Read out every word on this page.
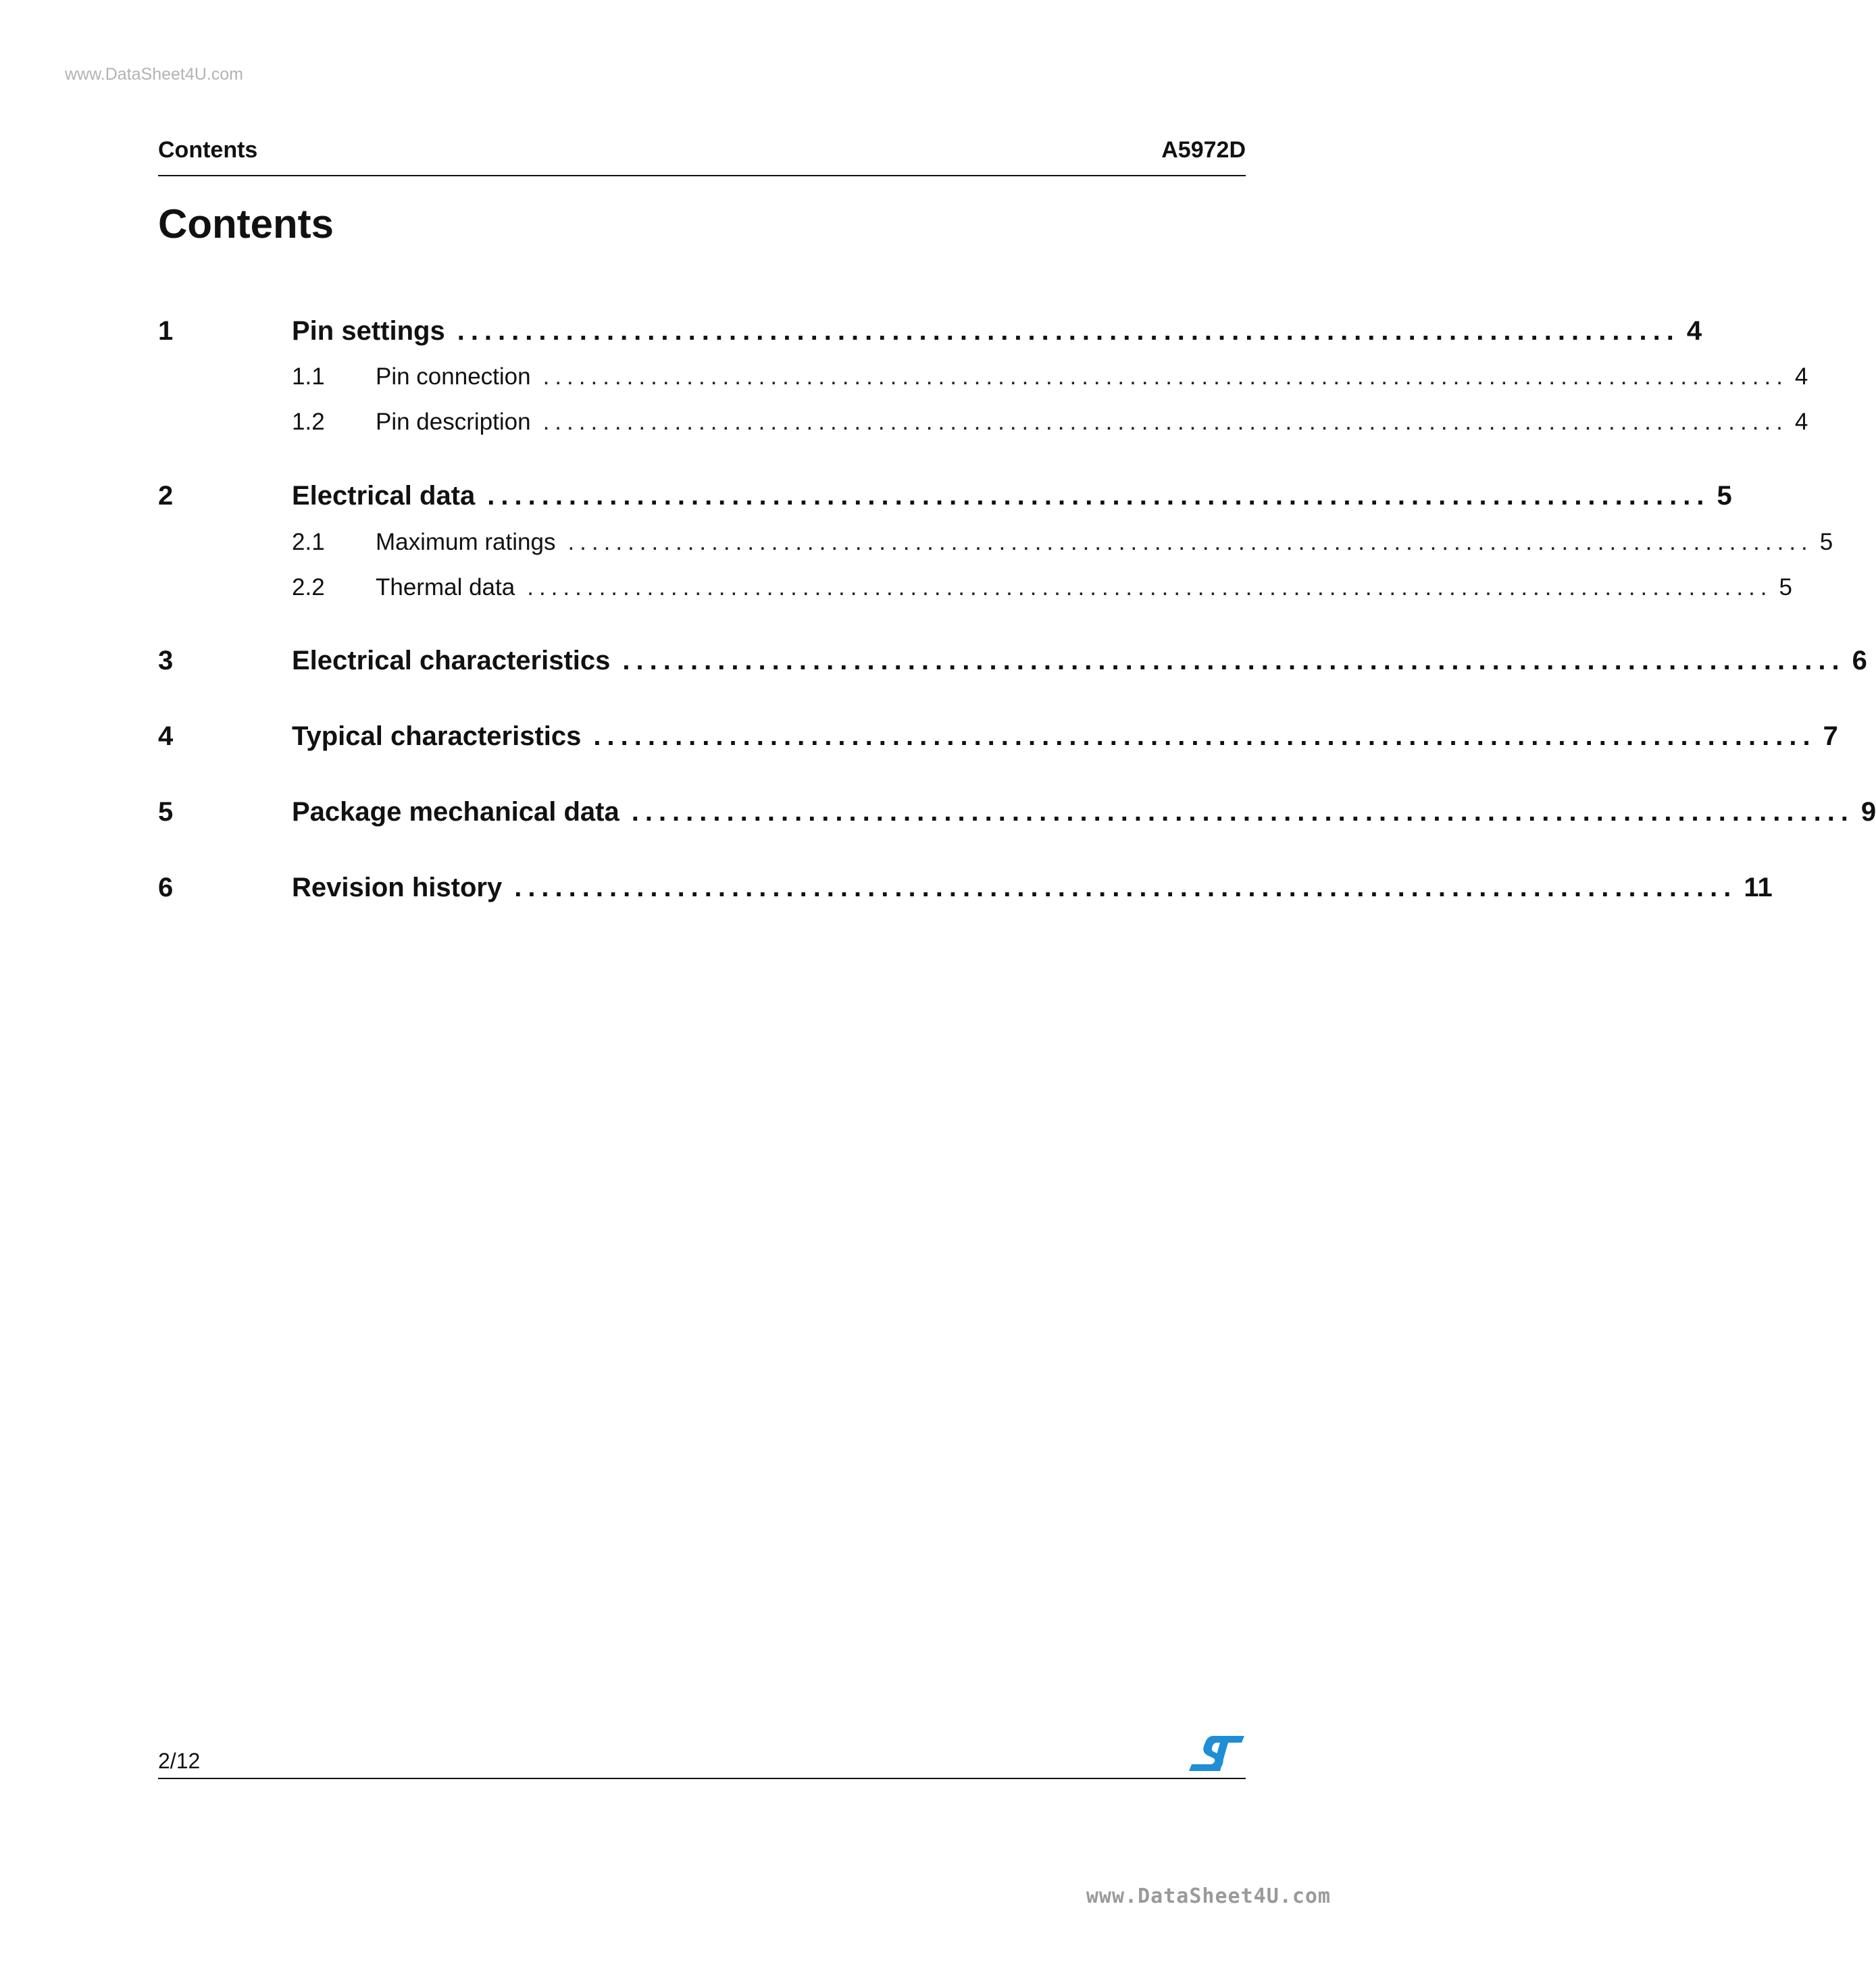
www.DataSheet4U.com
Contents	A5972D
Contents
1	Pin settings .......................................................................................... 4
1.1	Pin connection ........................................................................................................ 4
1.2	Pin description ........................................................................................................ 4
2	Electrical data .......................................................................................... 5
2.1	Maximum ratings ........................................................................................................ 5
2.2	Thermal data ........................................................................................................ 5
3	Electrical characteristics .......................................................................................... 6
4	Typical characteristics .......................................................................................... 7
5	Package mechanical data .......................................................................................... 9
6	Revision history .......................................................................................... 11
2/12
www.DataSheet4U.com
